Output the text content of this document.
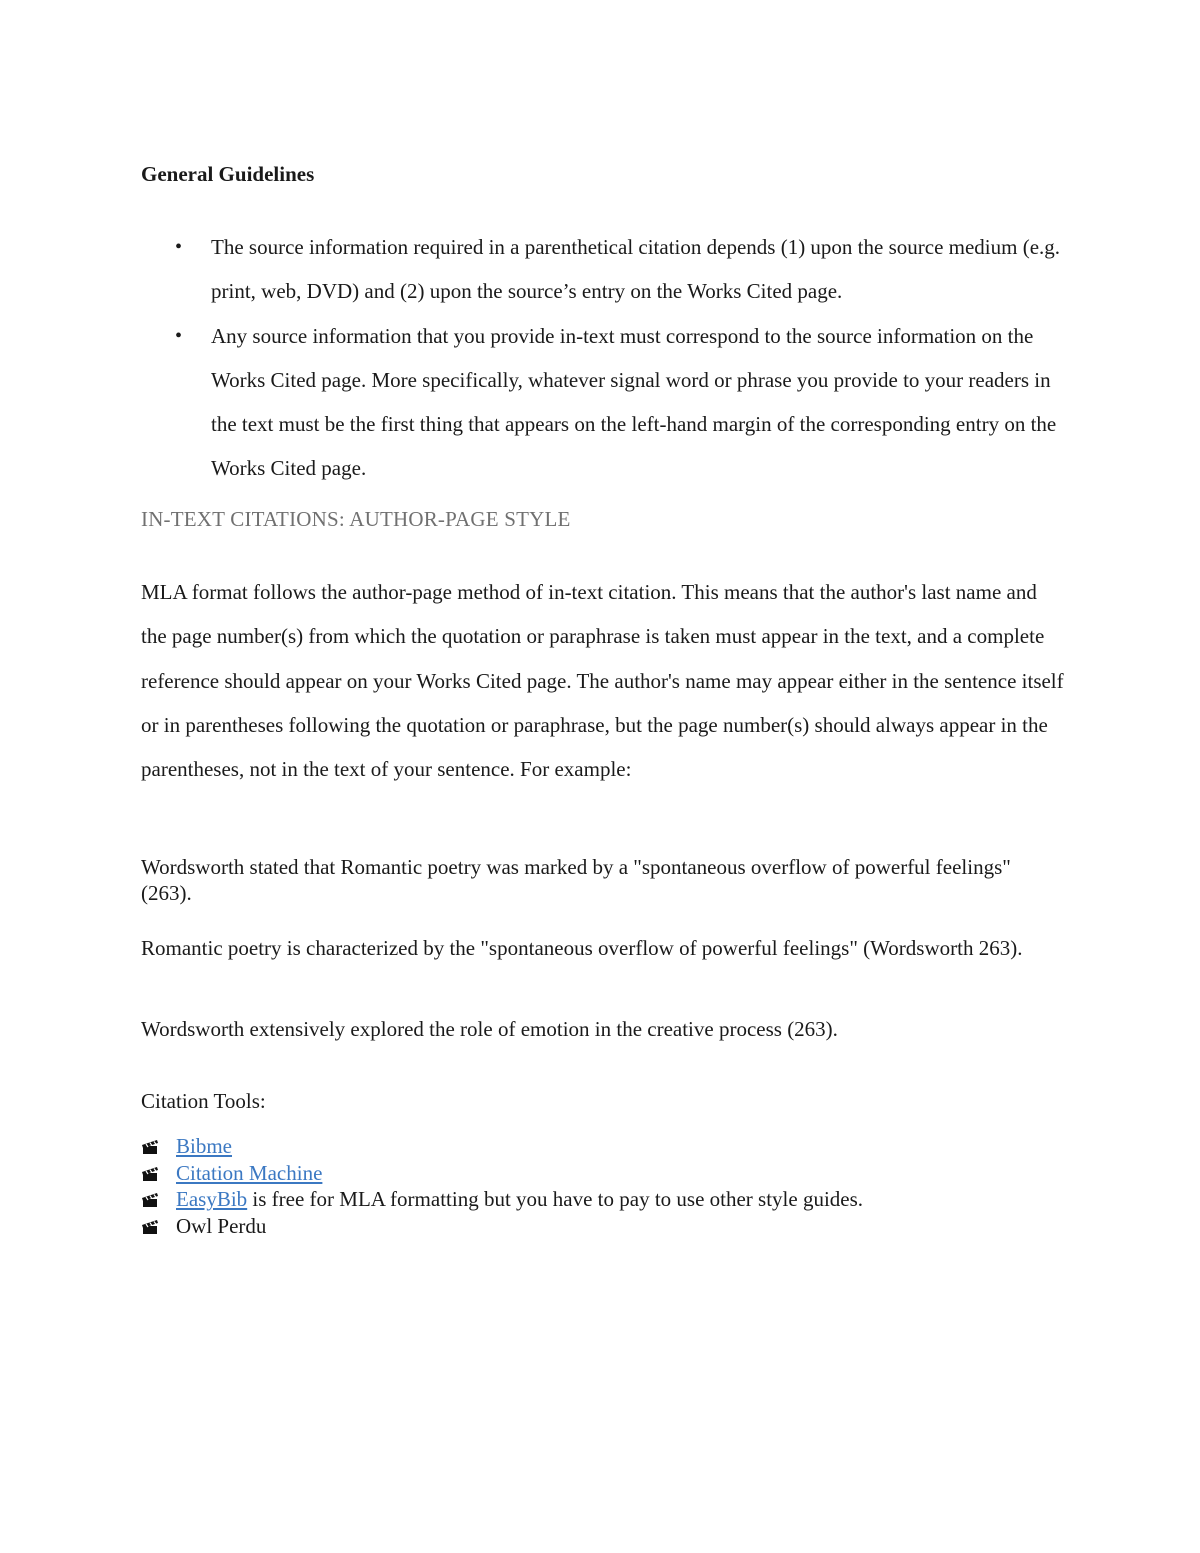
General Guidelines
• The source information required in a parenthetical citation depends (1) upon the source medium (e.g. print, web, DVD) and (2) upon the source’s entry on the Works Cited page.
• Any source information that you provide in-text must correspond to the source information on the Works Cited page. More specifically, whatever signal word or phrase you provide to your readers in the text must be the first thing that appears on the left-hand margin of the corresponding entry on the Works Cited page.
IN-TEXT CITATIONS: AUTHOR-PAGE STYLE

MLA format follows the author-page method of in-text citation. This means that the author's last name and the page number(s) from which the quotation or paraphrase is taken must appear in the text, and a complete reference should appear on your Works Cited page. The author's name may appear either in the sentence itself or in parentheses following the quotation or paraphrase, but the page number(s) should always appear in the parentheses, not in the text of your sentence. For example:

Wordsworth stated that Romantic poetry was marked by a "spontaneous overflow of powerful feelings" (263).

Romantic poetry is characterized by the "spontaneous overflow of powerful feelings" (Wordsworth 263).

Wordsworth extensively explored the role of emotion in the creative process (263).

Citation Tools:

Bibme
Citation Machine
EasyBib is free for MLA formatting but you have to pay to use other style guides.
Owl Perdu
